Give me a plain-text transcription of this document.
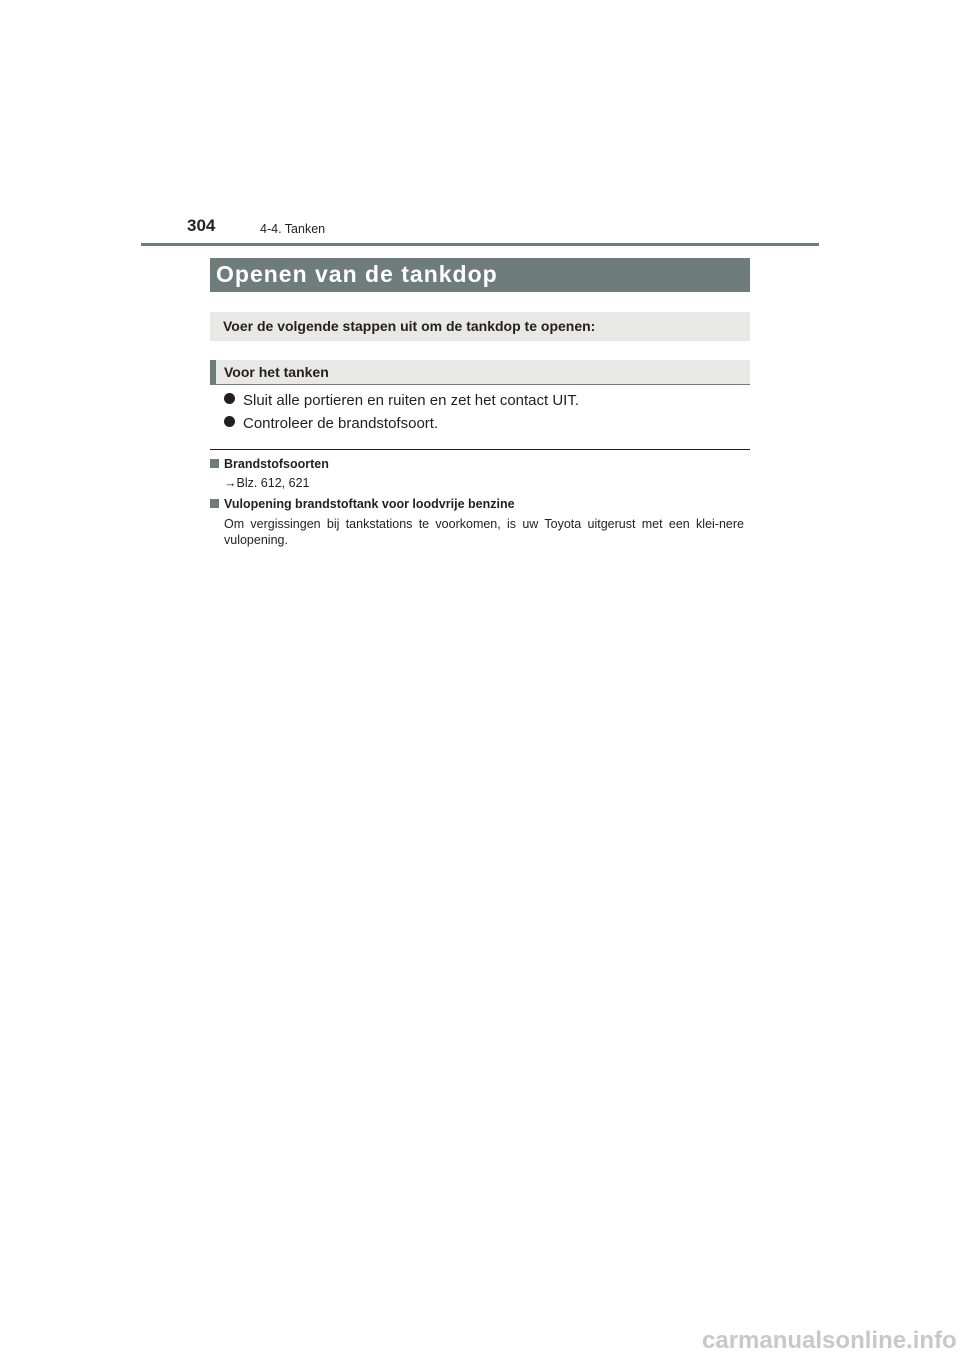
304	4-4. Tanken
Openen van de tankdop
Voer de volgende stappen uit om de tankdop te openen:
Voor het tanken
Sluit alle portieren en ruiten en zet het contact UIT.
Controleer de brandstofsoort.
Brandstofsoorten
→Blz. 612, 621
Vulopening brandstoftank voor loodvrije benzine
Om vergissingen bij tankstations te voorkomen, is uw Toyota uitgerust met een klei-nere vulopening.
carmanualsonline.info
